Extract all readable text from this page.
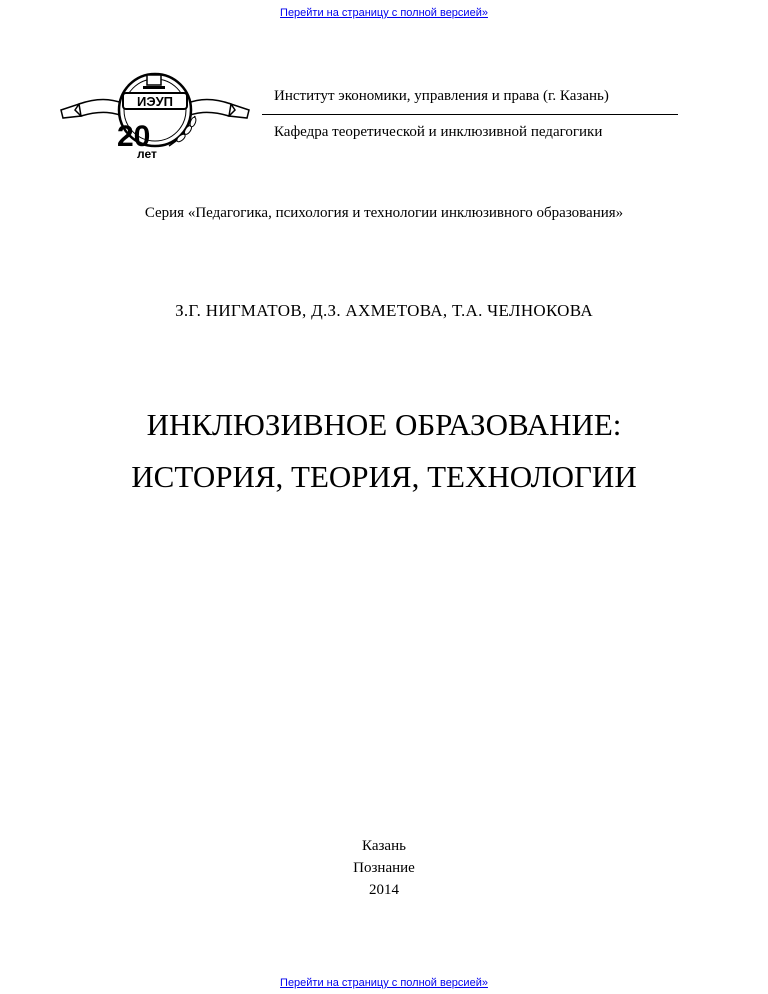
Перейти на страницу с полной версией»
ИЭУП
20
лет
Институт экономики, управления и права (г. Казань)
Кафедра теоретической и инклюзивной педагогики
Серия «Педагогика, психология и технологии инклюзивного образования»
З.Г. НИГМАТОВ, Д.З. АХМЕТОВА, Т.А. ЧЕЛНОКОВА
ИНКЛЮЗИВНОЕ ОБРАЗОВАНИЕ:
ИСТОРИЯ, ТЕОРИЯ, ТЕХНОЛОГИИ
Казань
Познание
2014
Перейти на страницу с полной версией»
